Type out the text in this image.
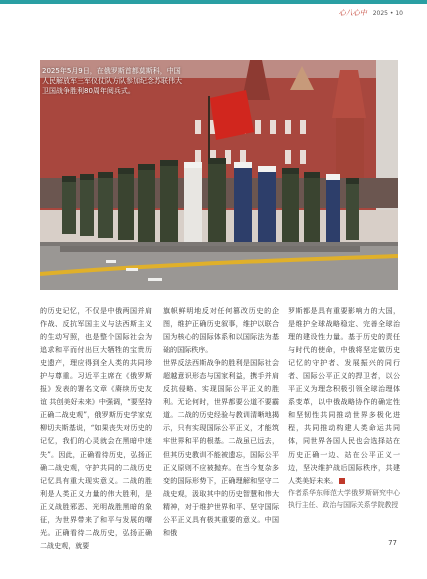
心八心中 2025 • 10
2025年5月9日，在俄罗斯首都莫斯科，中国人民解放军三军仪仗队方队参加纪念苏联伟大卫国战争胜利80周年阅兵式。

的历史记忆，不仅是中俄两国并肩作战、反抗军国主义与法西斯主义的生动写照，也是整个国际社会为追求和平而付出巨大牺牲的宝贵历史遗产，理应得到全人类的共同珍护与尊重。习近平主席在《俄罗斯报》发表的署名文章《赓续历史友谊 共创美好未来》中强调，“要坚持正确二战史观”，俄罗斯历史学家克柳切夫斯基说，“如果丧失对历史的记忆，我们的心灵就会在黑暗中迷失”。因此，正确看待历史，弘扬正确二战史观，守护共同的二战历史记忆具有重大现实意义。二战的胜利是人类正义力量的伟大胜利，是正义战胜邪恶、光明战胜黑暗的象征，为世界带来了和平与发展的曙光。正确看待二战历史，弘扬正确二战史观，就要

旗帜鲜明地反对任何篡改历史的企图，维护正确历史叙事，维护以联合国为核心的国际体系和以国际法为基础的国际秩序。
世界反法西斯战争的胜利是国际社会超越意识形态与国家利益，携手并肩反抗侵略、实现国际公平正义的胜利。无论何时，世界都要公道不要霸道。二战的历史经验与教训清晰地揭示，只有实现国际公平正义，才能筑牢世界和平的根基。二战虽已远去，但其历史教训不能被遗忘，国际公平正义原则不应被抛弃。在当今复杂多变的国际形势下，正确理解和坚守二战史观，汲取其中的历史智慧和伟大精神，对于维护世界和平、坚守国际公平正义具有极其重要的意义。中国和俄

罗斯都是具有重要影响力的大国，是维护全球战略稳定、完善全球治理的建设性力量。基于历史的责任与时代的使命，中俄将坚定做历史记忆的守护者、发展振兴的同行者、国际公平正义的捍卫者，以公平正义为理念积极引领全球治理体系变革，以中俄战略协作的确定性和坚韧性共同推动世界多极化进程，共同推动构建人类命运共同体，同世界各国人民也会选择站在历史正确一边、站在公平正义一边，坚决维护战后国际秩序，共建人类美好未来。

作者系华东师范大学俄罗斯研究中心执行主任、政治与国际关系学院教授

77
